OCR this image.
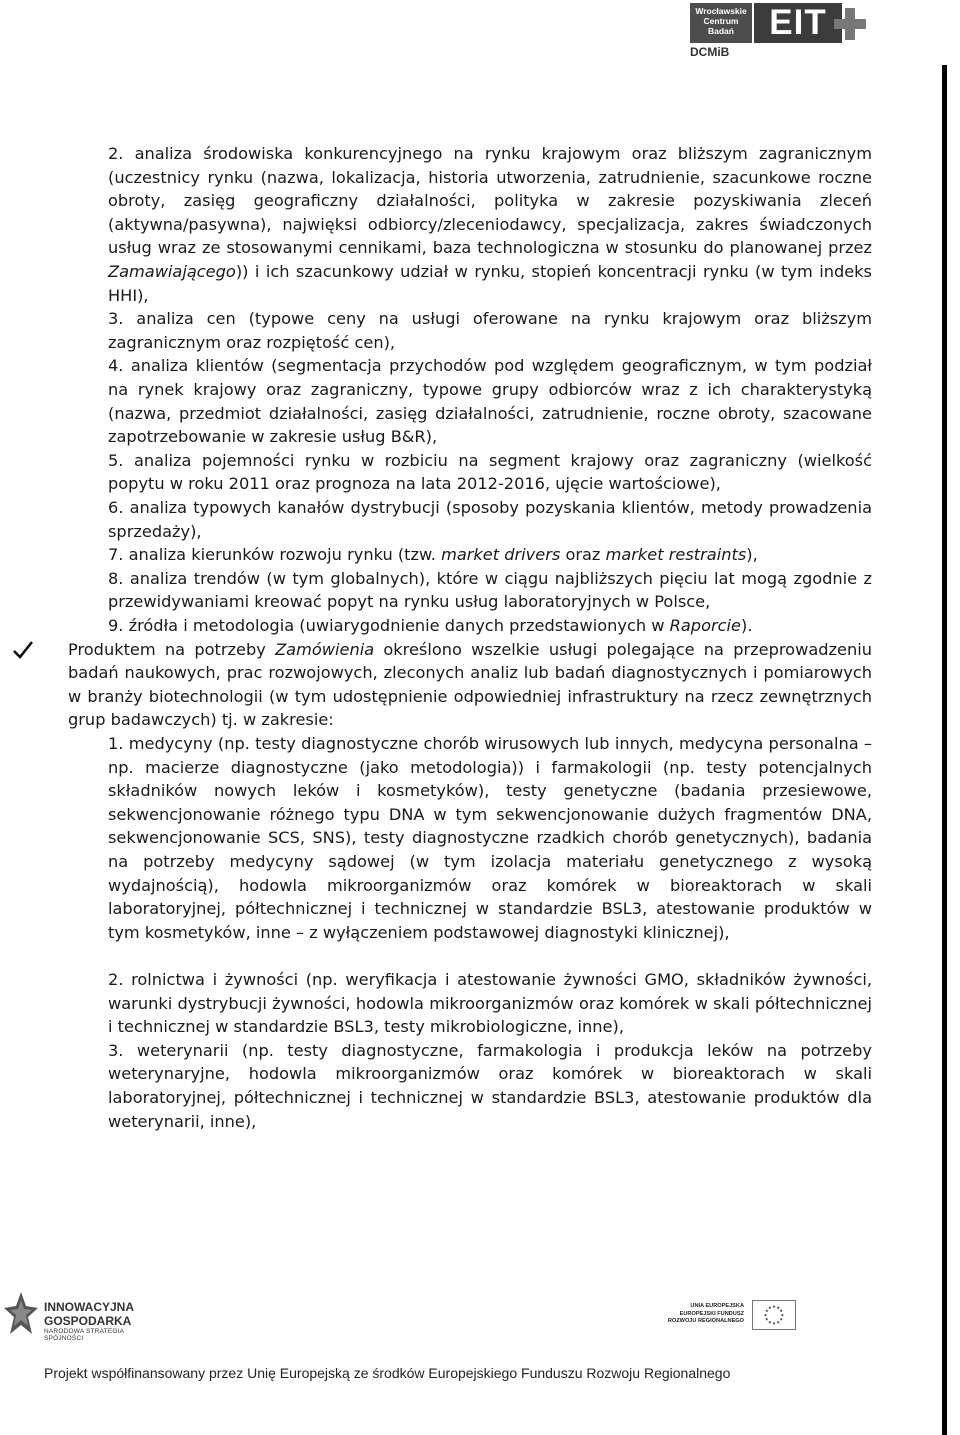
Wrocławskie
Centrum
Badań	EIT
DCMiB
2. analiza środowiska konkurencyjnego na rynku krajowym oraz bliższym zagranicznym (uczestnicy rynku (nazwa, lokalizacja, historia utworzenia, zatrudnienie, szacunkowe roczne obroty, zasięg geograficzny działalności, polityka w zakresie pozyskiwania zleceń (aktywna/pasywna), najwięksi odbiorcy/zleceniodawcy, specjalizacja, zakres świadczonych usług wraz ze stosowanymi cennikami, baza technologiczna w stosunku do planowanej przez Zamawiającego)) i ich szacunkowy udział w rynku, stopień koncentracji rynku (w tym indeks HHI),
3. analiza cen (typowe ceny na usługi oferowane na rynku krajowym oraz bliższym zagranicznym oraz rozpiętość cen),
4. analiza klientów (segmentacja przychodów pod względem geograficznym, w tym podział na rynek krajowy oraz zagraniczny, typowe grupy odbiorców wraz z ich charakterystyką (nazwa, przedmiot działalności, zasięg działalności, zatrudnienie, roczne obroty, szacowane zapotrzebowanie w zakresie usług B&R),
5. analiza pojemności rynku w rozbiciu na segment krajowy oraz zagraniczny (wielkość popytu w roku 2011 oraz prognoza na lata 2012-2016, ujęcie wartościowe),
6. analiza typowych kanałów dystrybucji (sposoby pozyskania klientów, metody prowadzenia sprzedaży),
7. analiza kierunków rozwoju rynku (tzw. market drivers oraz market restraints),
8. analiza trendów (w tym globalnych), które w ciągu najbliższych pięciu lat mogą zgodnie z przewidywaniami kreować popyt na rynku usług laboratoryjnych w Polsce,
9. źródła i metodologia (uwiarygodnienie danych przedstawionych w Raporcie).
Produktem na potrzeby Zamówienia określono wszelkie usługi polegające na przeprowadzeniu badań naukowych, prac rozwojowych, zleconych analiz lub badań diagnostycznych i pomiarowych w branży biotechnologii (w tym udostępnienie odpowiedniej infrastruktury na rzecz zewnętrznych grup badawczych) tj. w zakresie:
1. medycyny (np. testy diagnostyczne chorób wirusowych lub innych, medycyna personalna – np. macierze diagnostyczne (jako metodologia)) i farmakologii (np. testy potencjalnych składników nowych leków i kosmetyków), testy genetyczne (badania przesiewowe, sekwencjonowanie różnego typu DNA w tym sekwencjonowanie dużych fragmentów DNA, sekwencjonowanie SCS, SNS), testy diagnostyczne rzadkich chorób genetycznych), badania na potrzeby medycyny sądowej (w tym izolacja materiału genetycznego z wysoką wydajnością), hodowla mikroorganizmów oraz komórek w bioreaktorach w skali laboratoryjnej, półtechnicznej i technicznej w standardzie BSL3, atestowanie produktów w tym kosmetyków, inne – z wyłączeniem podstawowej diagnostyki klinicznej),
2. rolnictwa i żywności (np. weryfikacja i atestowanie żywności GMO, składników żywności, warunki dystrybucji żywności, hodowla mikroorganizmów oraz komórek w skali półtechnicznej i technicznej w standardzie BSL3, testy mikrobiologiczne, inne),
3. weterynarii (np. testy diagnostyczne, farmakologia i produkcja leków na potrzeby weterynaryjne, hodowla mikroorganizmów oraz komórek w bioreaktorach w skali laboratoryjnej, półtechnicznej i technicznej w standardzie BSL3, atestowanie produktów dla weterynarii, inne),
INNOWACYJNA
GOSPODARKA
NARODOWA STRATEGIA SPÓJNOŚCI
UNIA EUROPEJSKA
EUROPEJSKI FUNDUSZ
ROZWOJU REGIONALNEGO
Projekt współfinansowany przez Unię Europejską ze środków Europejskiego Funduszu Rozwoju Regionalnego
